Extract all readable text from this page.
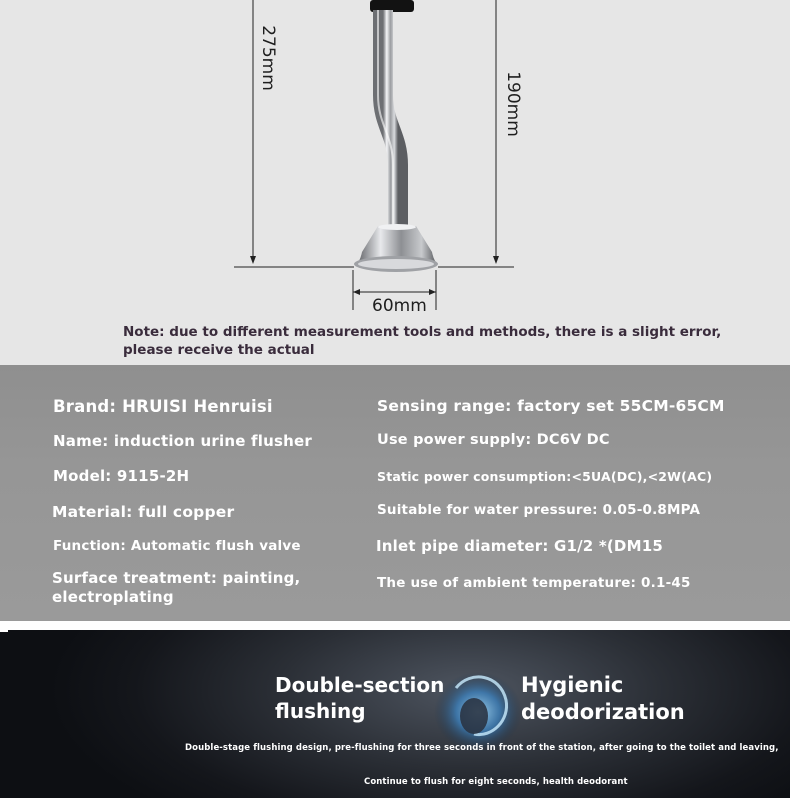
275mm
190mm
60mm
Note: due to different measurement tools and methods, there is a slight error,
please receive the actual
Brand: HRUISI Henruisi
Name: induction urine flusher
Model: 9115-2H
Material: full copper
Function: Automatic flush valve
Surface treatment: painting,
electroplating
Sensing range: factory set 55CM-65CM
Use power supply: DC6V DC
Static power consumption:<5UA(DC),<2W(AC)
Suitable for water pressure: 0.05-0.8MPA
Inlet pipe diameter: G1/2 *(DM15
The use of ambient temperature: 0.1-45
Double-section
flushing
Hygienic
deodorization
Double-stage flushing design, pre-flushing for three seconds in front of the station, after going to the toilet and leaving,
Continue to flush for eight seconds, health deodorant
